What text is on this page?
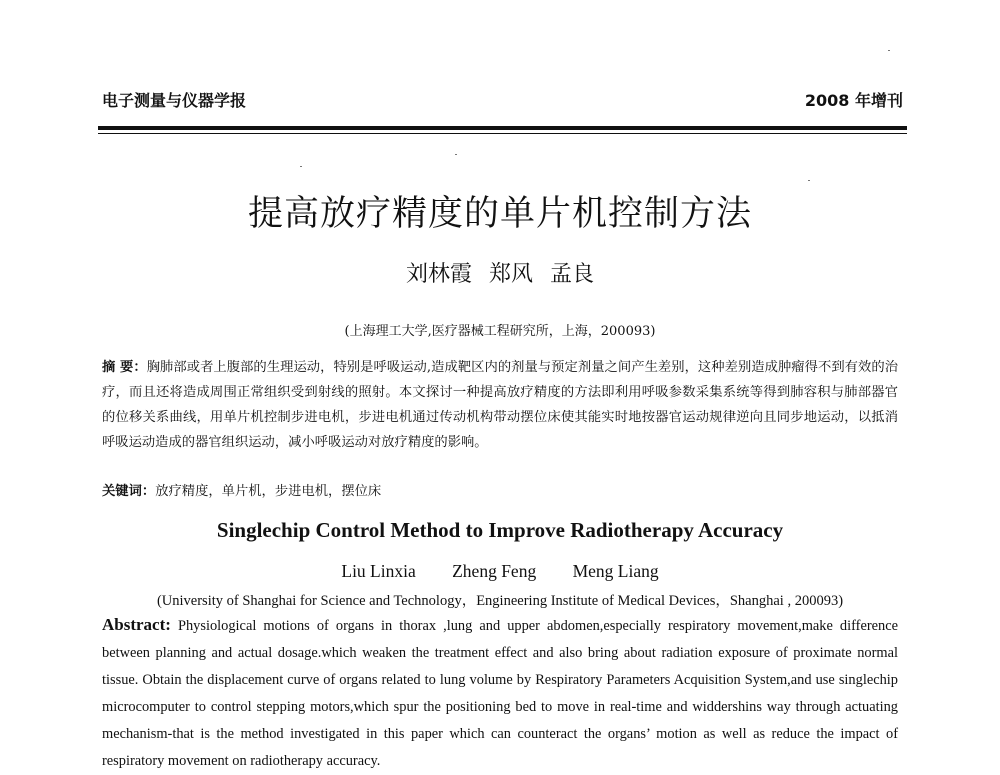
电子测量与仪器学报	2008 年增刊
提高放疗精度的单片机控制方法
刘林霞 郑风 孟良
(上海理工大学,医疗器械工程研究所，上海，200093)
摘 要：胸肺部或者上腹部的生理运动，特别是呼吸运动,造成靶区内的剂量与预定剂量之间产生差别，这种差别造成肿瘤得不到有效的治疗，而且还将造成周围正常组织受到射线的照射。本文探讨一种提高放疗精度的方法即利用呼吸参数采集系统等得到肺容积与肺部器官的位移关系曲线，用单片机控制步进电机，步进电机通过传动机构带动摆位床使其能实时地按器官运动规律逆向且同步地运动，以抵消呼吸运动造成的器官组织运动，减小呼吸运动对放疗精度的影响。
关键词：放疗精度，单片机，步进电机，摆位床
Singlechip Control Method to Improve Radiotherapy Accuracy
Liu Linxia Zheng Feng Meng Liang
(University of Shanghai for Science and Technology，Engineering Institute of Medical Devices，Shanghai , 200093)
Abstract: Physiological motions of organs in thorax ,lung and upper abdomen,especially respiratory movement,make difference between planning and actual dosage.which weaken the treatment effect and also bring about radiation exposure of proximate normal tissue. Obtain the displacement curve of organs related to lung volume by Respiratory Parameters Acquisition System,and use singlechip microcomputer to control stepping motors,which spur the positioning bed to move in real-time and widdershins way through actuating mechanism-that is the method investigated in this paper which can counteract the organs’ motion as well as reduce the impact of respiratory movement on radiotherapy accuracy.
